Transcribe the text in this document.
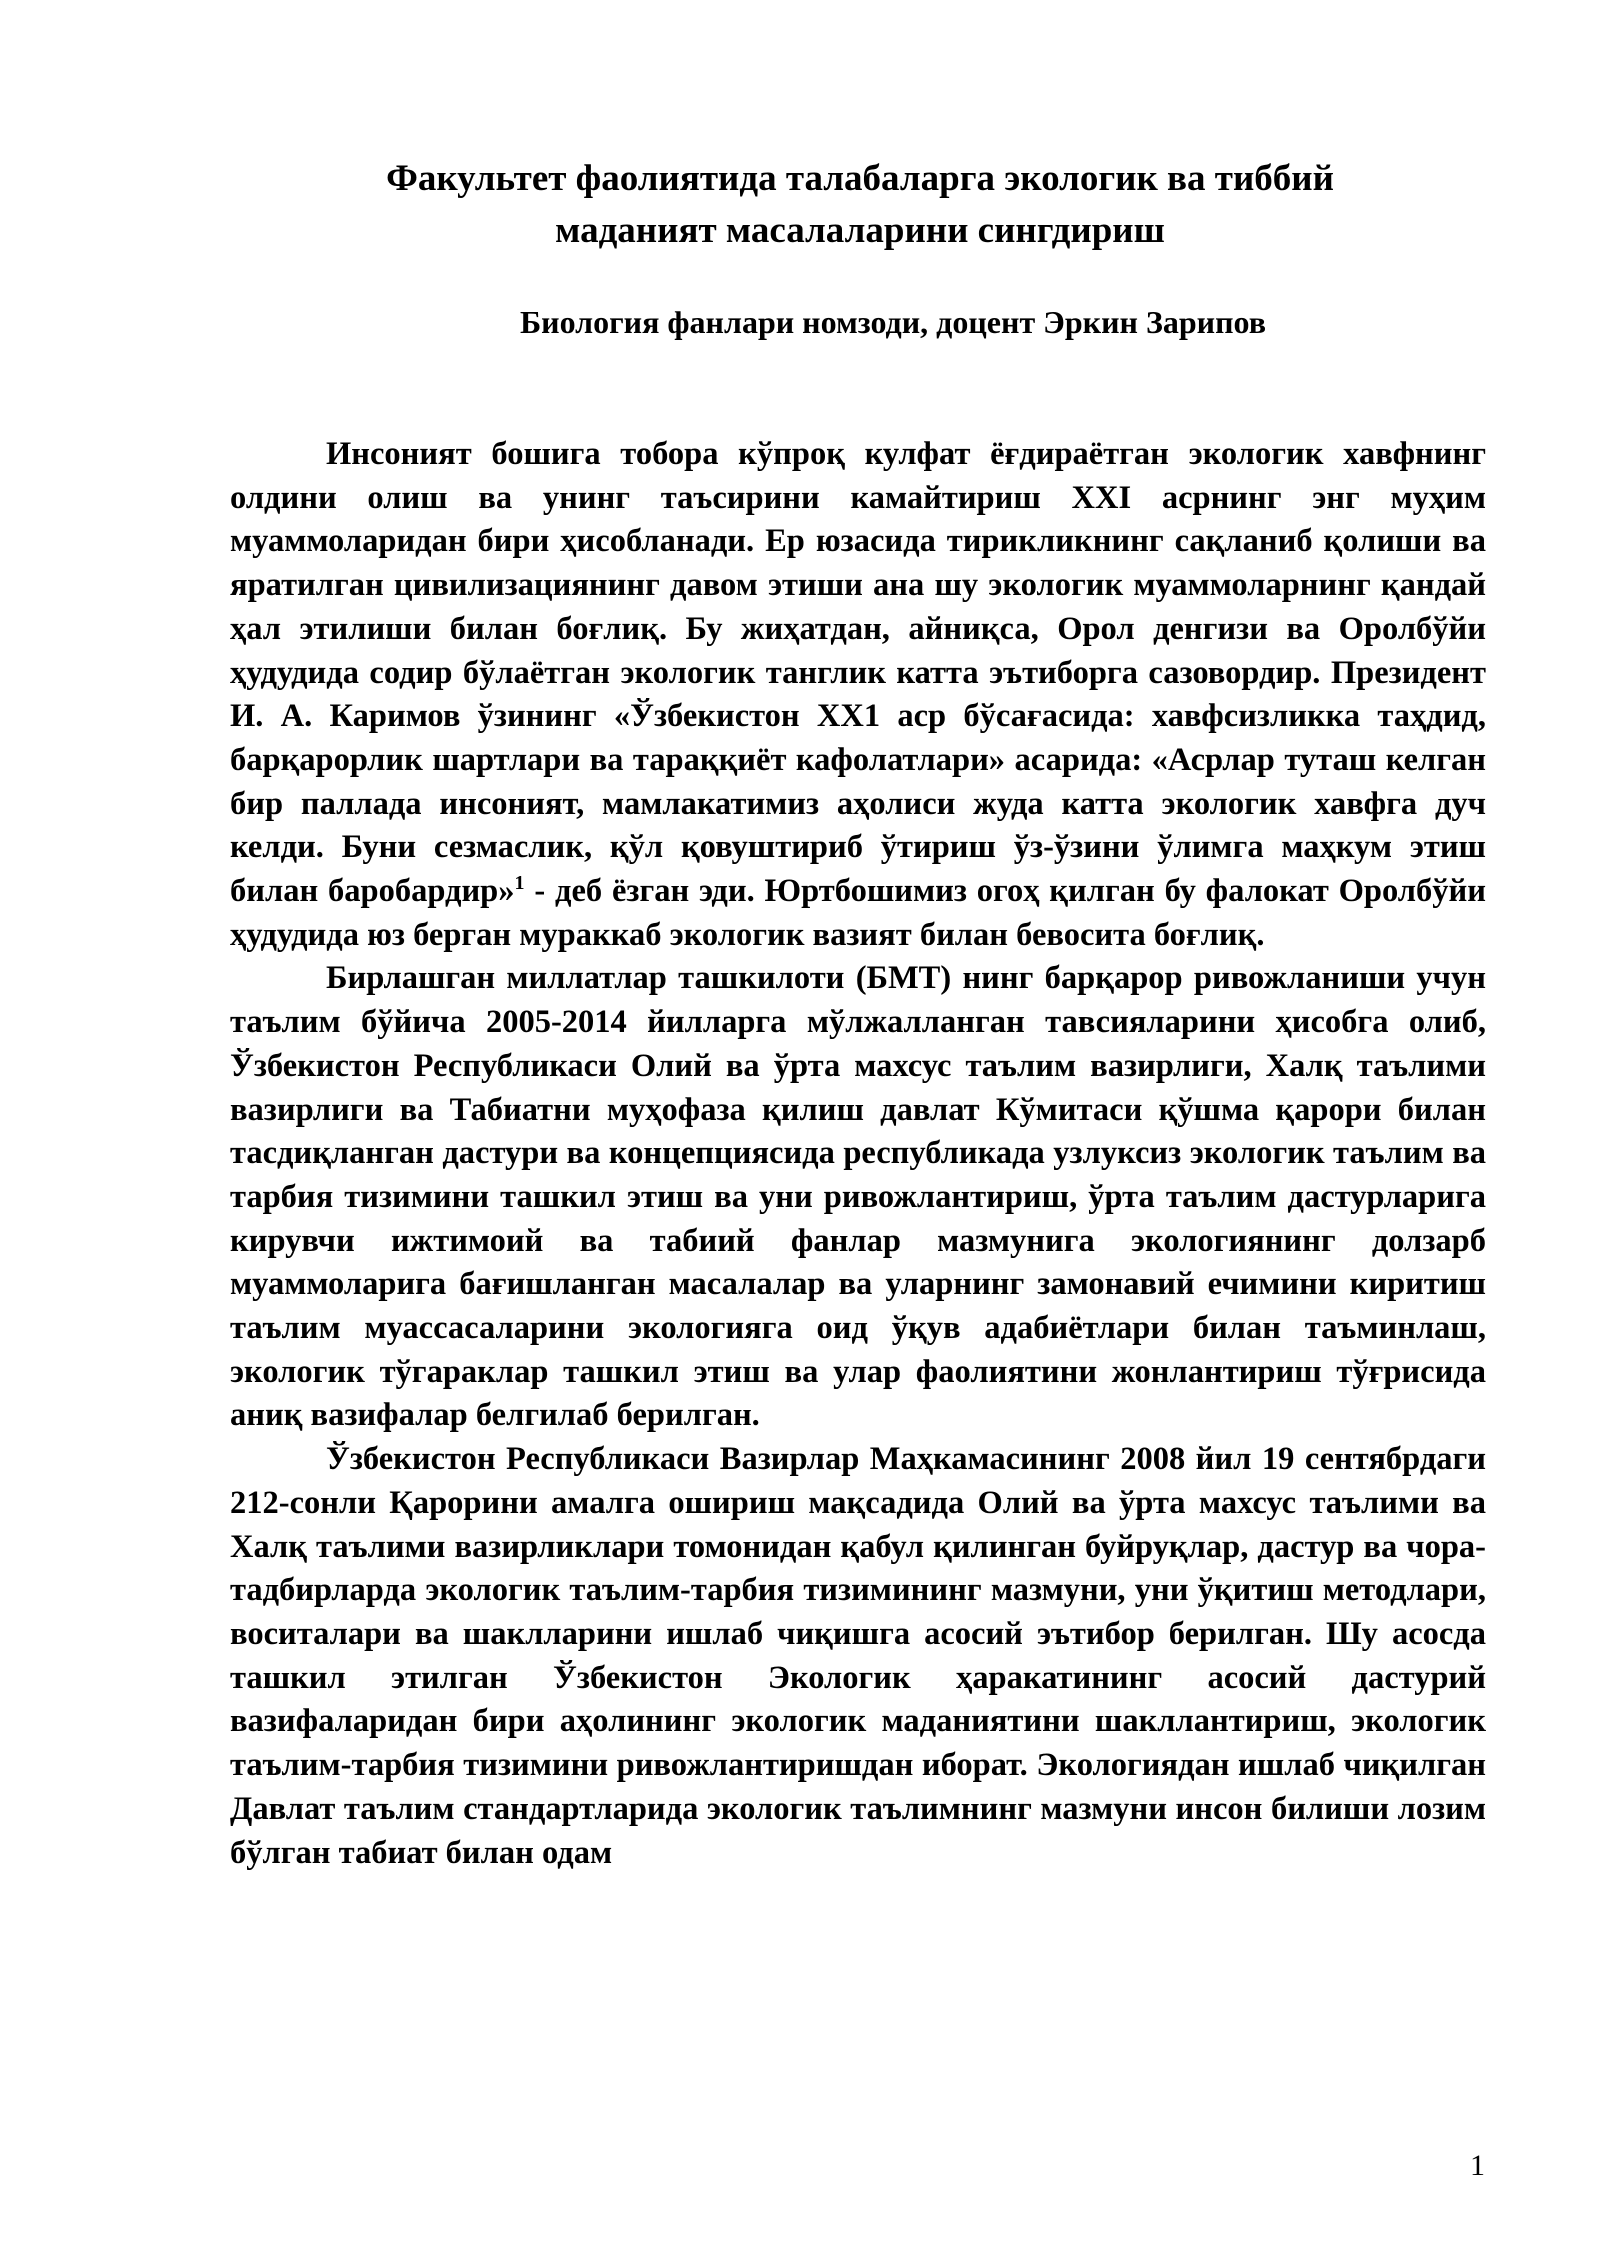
Факультет фаолиятида талабаларга экологик ва тиббий
маданият масалаларини сингдириш

Биология фанлари номзоди, доцент Эркин Зарипов

Инсоният бошига тобора кўпроқ кулфат ёғдираётган экологик хавфнинг олдини олиш ва унинг таъсирини камайтириш XXI асрнинг энг муҳим муаммоларидан бири ҳисобланади. Ер юзасида тирикликнинг сақланиб қолиши ва яратилган цивилизациянинг давом этиши ана шу экологик муаммоларнинг қандай ҳал этилиши билан боғлиқ. Бу жиҳатдан, айниқса, Орол денгизи ва Оролбўйи ҳудудида содир бўлаётган экологик танглик катта эътиборга сазовордир. Президент И. А. Каримов ўзининг «Ўзбекистон ХХ1 аср бўсағасида: хавфсизликка таҳдид, барқарорлик шартлари ва тараққиёт кафолатлари» асарида: «Асрлар туташ келган бир паллада инсоният, мамлакатимиз аҳолиси жуда катта экологик хавфга дуч келди. Буни сезмаслик, қўл қовуштириб ўтириш ўз-ўзини ўлимга маҳкум этиш билан баробардир»$^1$ - деб ёзган эди. Юртбошимиз огоҳ қилган бу фалокат Оролбўйи ҳудудида юз берган мураккаб экологик вазият билан бевосита боғлиқ.

Бирлашган миллатлар ташкилоти (БМТ) нинг барқарор ривожланиши учун таълим бўйича 2005-2014 йилларга мўлжалланган тавсияларини ҳисобга олиб, Ўзбекистон Республикаси Олий ва ўрта махсус таълим вазирлиги, Халқ таълими вазирлиги ва Табиатни муҳофаза қилиш давлат Кўмитаси қўшма қарори билан тасдиқланган дастури ва концепциясида республикада узлуксиз экологик таълим ва тарбия тизимини ташкил этиш ва уни ривожлантириш, ўрта таълим дастурларига кирувчи ижтимоий ва табиий фанлар мазмунига экологиянинг долзарб муаммоларига бағишланган масалалар ва уларнинг замонавий ечимини киритиш таълим муассасаларини экологияга оид ўқув адабиётлари билан таъминлаш, экологик тўгараклар ташкил этиш ва улар фаолиятини жонлантириш тўғрисида аниқ вазифалар белгилаб берилган.

Ўзбекистон Республикаси Вазирлар Маҳкамасининг 2008 йил 19 сентябрдаги 212-сонли Қарорини амалга ошириш мақсадида Олий ва ўрта махсус таълими ва Халқ таълими вазирликлари томонидан қабул қилинган буйруқлар, дастур ва чора-тадбирларда экологик таълим-тарбия тизимининг мазмуни, уни ўқитиш методлари, воситалари ва шаклларини ишлаб чиқишга асосий эътибор берилган. Шу асосда ташкил этилган Ўзбекистон Экологик ҳаракатининг асосий дастурий вазифаларидан бири аҳолининг экологик маданиятини шакллантириш, экологик таълим-тарбия тизимини ривожлантиришдан иборат. Экологиядан ишлаб чиқилган Давлат таълим стандартларида экологик таълимнинг мазмуни инсон билиши лозим бўлган табиат билан одам

1
